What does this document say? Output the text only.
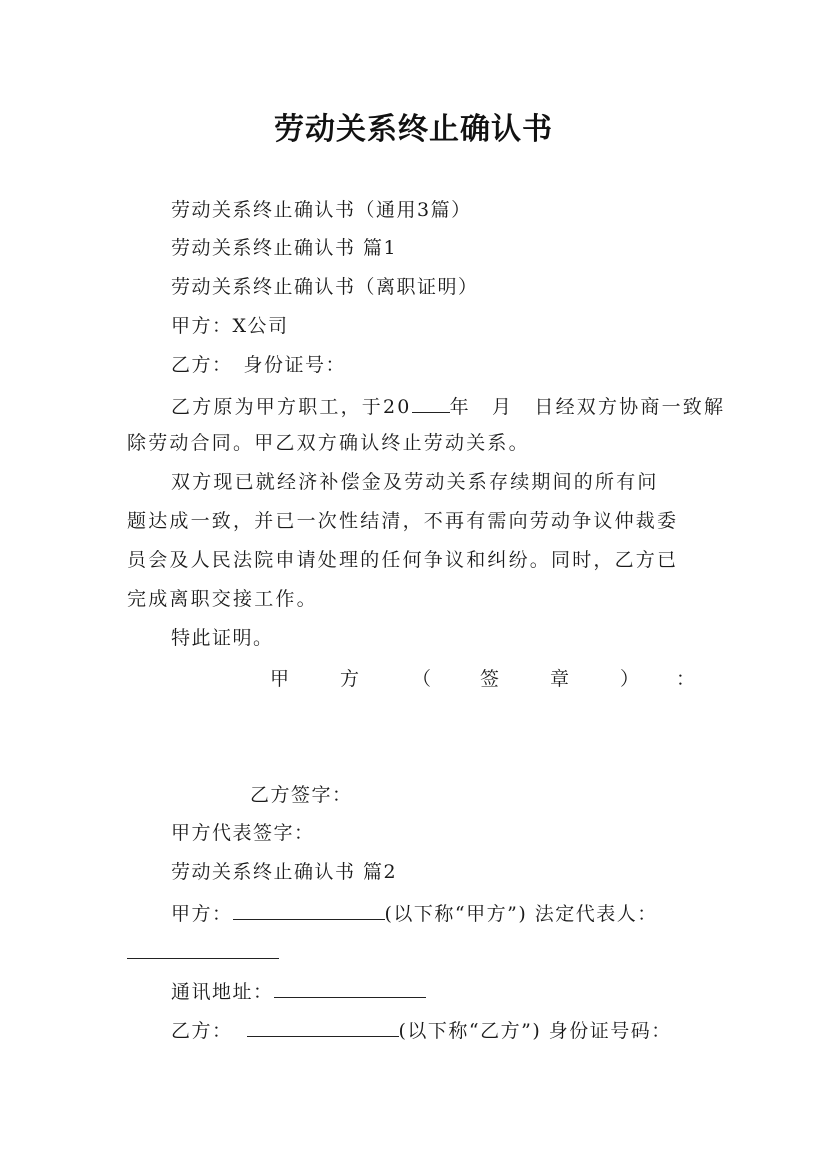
劳动关系终止确认书
劳动关系终止确认书（通用3篇）
劳动关系终止确认书 篇1
劳动关系终止确认书（离职证明）
甲方：X公司
乙方：　身份证号：
乙方原为甲方职工，于20 年　月　日经双方协商一致解
除劳动合同。甲乙双方确认终止劳动关系。
双方现已就经济补偿金及劳动关系存续期间的所有问
题达成一致，并已一次性结清，不再有需向劳动争议仲裁委
员会及人民法院申请处理的任何争议和纠纷。同时，乙方已
完成离职交接工作。
特此证明。
甲	方	（	签	章	） ：
乙方签字：
甲方代表签字：
劳动关系终止确认书 篇2
甲方：	(以下称“甲方”) 法定代表人：
通讯地址：
乙方：	(以下称“乙方”) 身份证号码：
